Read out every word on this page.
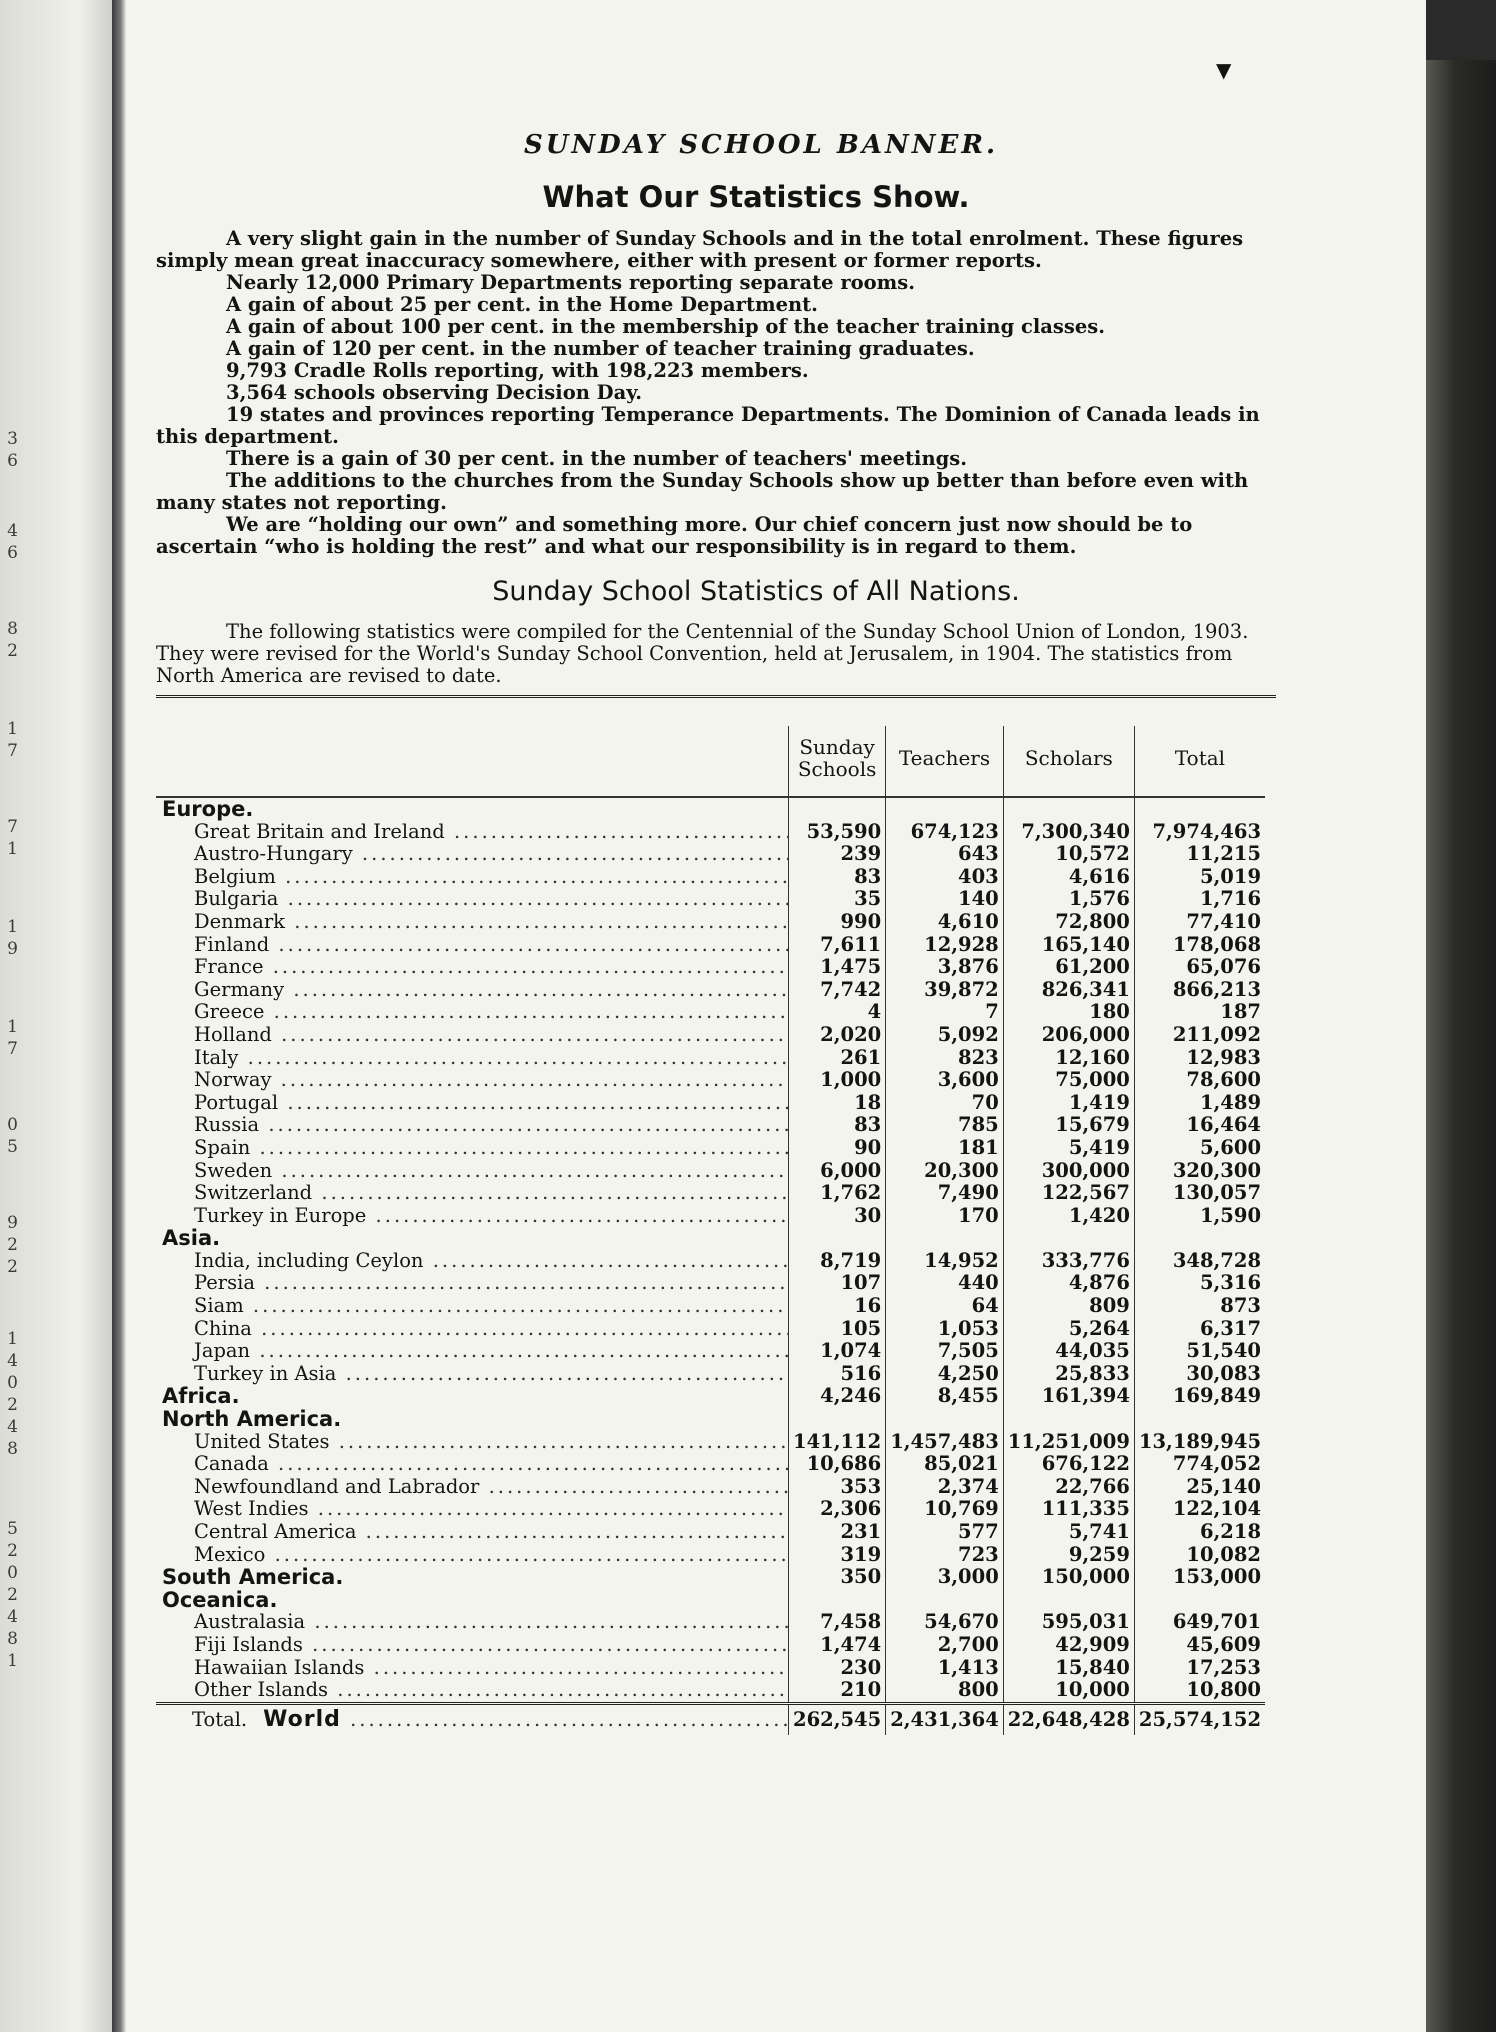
3
6
4
6
8
2
1
7
7
1
1
9
1
7
0
5
9
2
2
1
4
0
2
4
8
5
2
0
2
4
8
1
▼
SUNDAY SCHOOL BANNER.
What Our Statistics Show.

A very slight gain in the number of Sunday Schools and in the total enrolment. These figures simply mean great inaccuracy somewhere, either with present or former reports.

Nearly 12,000 Primary Departments reporting separate rooms.

A gain of about 25 per cent. in the Home Department.

A gain of about 100 per cent. in the membership of the teacher training classes.

A gain of 120 per cent. in the number of teacher training graduates.

9,793 Cradle Rolls reporting, with 198,223 members.

3,564 schools observing Decision Day.

19 states and provinces reporting Temperance Departments. The Dominion of Canada leads in this department.

There is a gain of 30 per cent. in the number of teachers' meetings.

The additions to the churches from the Sunday Schools show up better than before even with many states not reporting.

We are “holding our own” and something more. Our chief concern just now should be to ascertain “who is holding the rest” and what our responsibility is in regard to them.

Sunday School Statistics of All Nations.

The following statistics were compiled for the Centennial of the Sunday School Union of London, 1903. They were revised for the World's Sunday School Convention, held at Jerusalem, in 1904. The statistics from North America are revised to date.

	Sunday Schools	Teachers	Scholars	Total
Europe.				
Great Britain and Ireland .....	53,590	674,123	7,300,340	7,974,463
Austro-Hungary .....	239	643	10,572	11,215
Belgium .....	83	403	4,616	5,019
Bulgaria .....	35	140	1,576	1,716
Denmark .....	990	4,610	72,800	77,410
Finland .....	7,611	12,928	165,140	178,068
France .....	1,475	3,876	61,200	65,076
Germany .....	7,742	39,872	826,341	866,213
Greece .....	4	7	180	187
Holland .....	2,020	5,092	206,000	211,092
Italy .....	261	823	12,160	12,983
Norway .....	1,000	3,600	75,000	78,600
Portugal .....	18	70	1,419	1,489
Russia .....	83	785	15,679	16,464
Spain .....	90	181	5,419	5,600
Sweden .....	6,000	20,300	300,000	320,300
Switzerland .....	1,762	7,490	122,567	130,057
Turkey in Europe .....	30	170	1,420	1,590
Asia.				
India, including Ceylon .....	8,719	14,952	333,776	348,728
Persia .....	107	440	4,876	5,316
Siam .....	16	64	809	873
China .....	105	1,053	5,264	6,317
Japan .....	1,074	7,505	44,035	51,540
Turkey in Asia .....	516	4,250	25,833	30,083
Africa.	4,246	8,455	161,394	169,849
North America.				
United States .....	141,112	1,457,483	11,251,009	13,189,945
Canada .....	10,686	85,021	676,122	774,052
Newfoundland and Labrador .....	353	2,374	22,766	25,140
West Indies .....	2,306	10,769	111,335	122,104
Central America .....	231	577	5,741	6,218
Mexico .....	319	723	9,259	10,082
South America.	350	3,000	150,000	153,000
Oceanica.				
Australasia .....	7,458	54,670	595,031	649,701
Fiji Islands .....	1,474	2,700	42,909	45,609
Hawaiian Islands .....	230	1,413	15,840	17,253
Other Islands .....	210	800	10,000	10,800
Total. World .....	262,545	2,431,364	22,648,428	25,574,152
